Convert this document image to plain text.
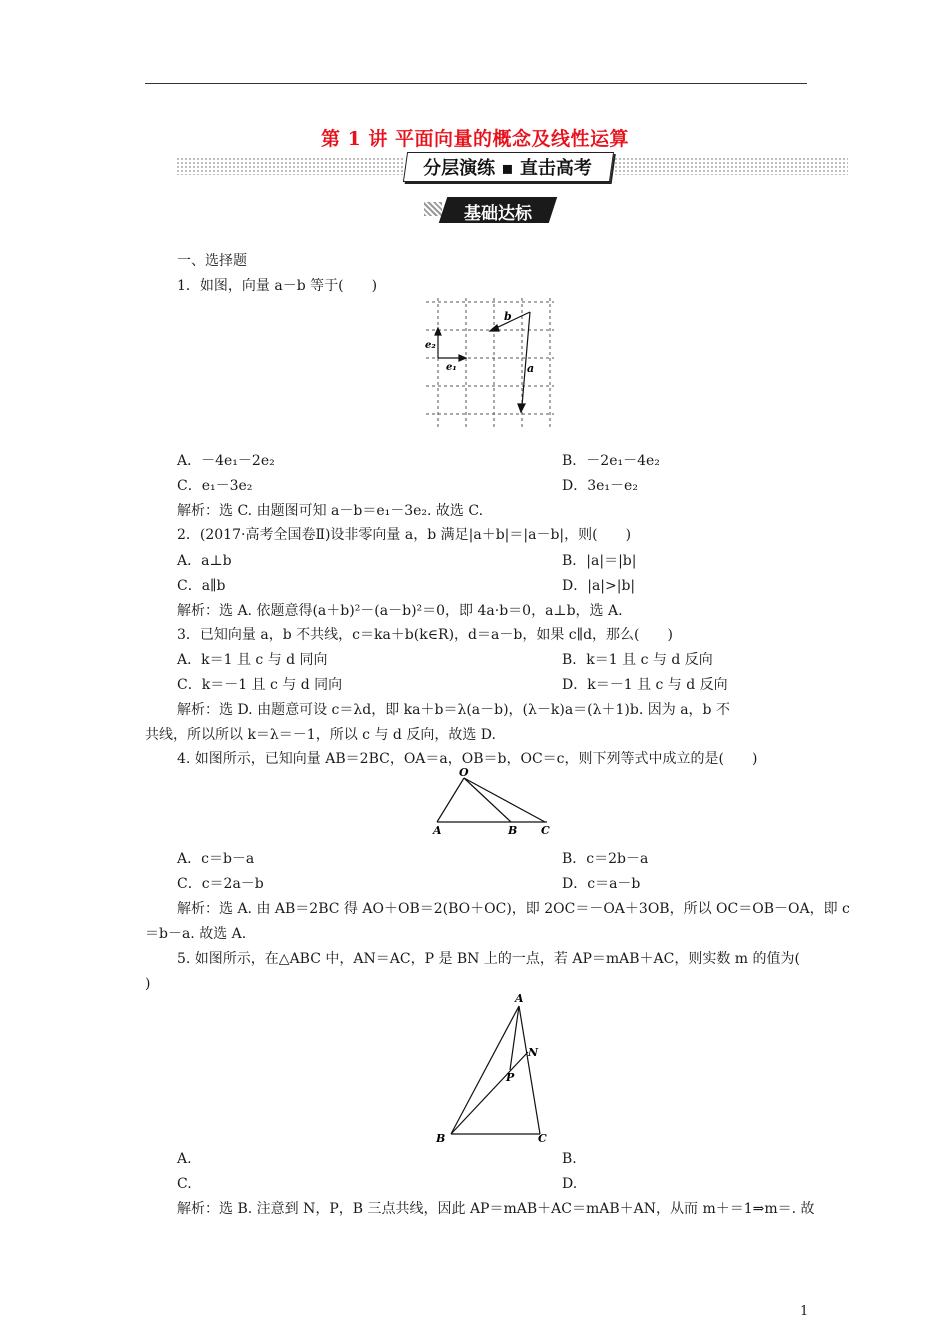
第 1 讲 平面向量的概念及线性运算
分层演练 ▪ 直击高考
基础达标
一、选择题
1．如图，向量 a－b 等于(　　)
e₂
e₁
b
a
A．－4e₁－2e₂	B．－2e₁－4e₂
C．e₁－3e₂	D．3e₁－e₂
解析：选 C. 由题图可知 a－b＝e₁－3e₂. 故选 C.
2．(2017·高考全国卷Ⅱ)设非零向量 a，b 满足|a＋b|＝|a－b|，则(　　)
A．a⊥b	B．|a|＝|b|
C．a∥b	D．|a|>|b|
解析：选 A. 依题意得(a＋b)²－(a－b)²＝0，即 4a·b＝0，a⊥b，选 A.
3．已知向量 a，b 不共线，c＝ka＋b(k∈R)，d＝a－b，如果 c∥d，那么(　　)
A．k＝1 且 c 与 d 同向	B．k＝1 且 c 与 d 反向
C．k＝－1 且 c 与 d 同向	D．k＝－1 且 c 与 d 反向
解析：选 D. 由题意可设 c＝λd，即 ka＋b＝λ(a－b)，(λ－k)a＝(λ＋1)b. 因为 a，b 不
共线，所以所以 k＝λ＝－1，所以 c 与 d 反向，故选 D.
4. 如图所示，已知向量 AB＝2BC，OA＝a，OB＝b，OC＝c，则下列等式中成立的是(　　)
O
A	B C
A．c＝b－a	B．c＝2b－a
C．c＝2a－b	D．c＝a－b
解析：选 A. 由 AB＝2BC 得 AO＋OB＝2(BO＋OC)，即 2OC＝－OA＋3OB，所以 OC＝OB－OA，即 c
＝b－a. 故选 A.
5. 如图所示，在△ABC 中，AN＝AC，P 是 BN 上的一点，若 AP＝mAB＋AC，则实数 m 的值为(
)
A
N
P
B	C
A.	B.
C.	D.
解析：选 B. 注意到 N，P，B 三点共线，因此 AP＝mAB＋AC＝mAB＋AN，从而 m＋＝1⇒m＝. 故
1
